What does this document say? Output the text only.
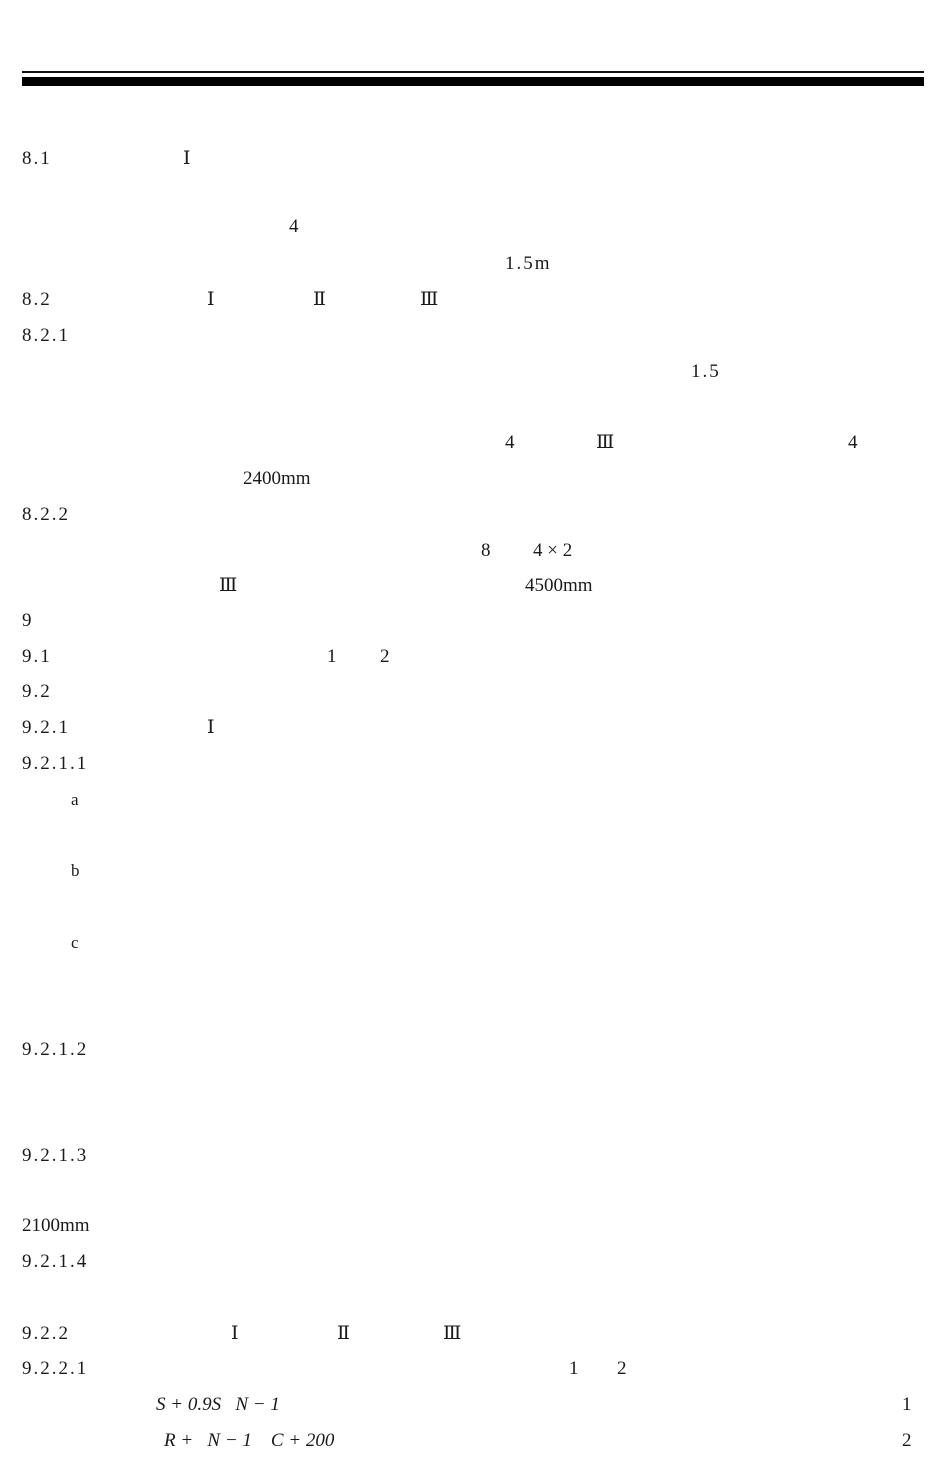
8.1	Ⅰ
4
1.5m
8.2	Ⅰ	Ⅱ	Ⅲ
8.2.1
1.5
4	Ⅲ	4
2400mm
8.2.2
8 4 × 2
Ⅲ	4500mm
9
9.1	1 2
9.2
9.2.1	Ⅰ
9.2.1.1
a
b
c
9.2.1.2
9.2.1.3
2100mm
9.2.1.4
9.2.2	Ⅰ	Ⅱ	Ⅲ
9.2.2.1	1 2
S + 0.9S   N − 1	1
R +   N − 1    C + 200	2
